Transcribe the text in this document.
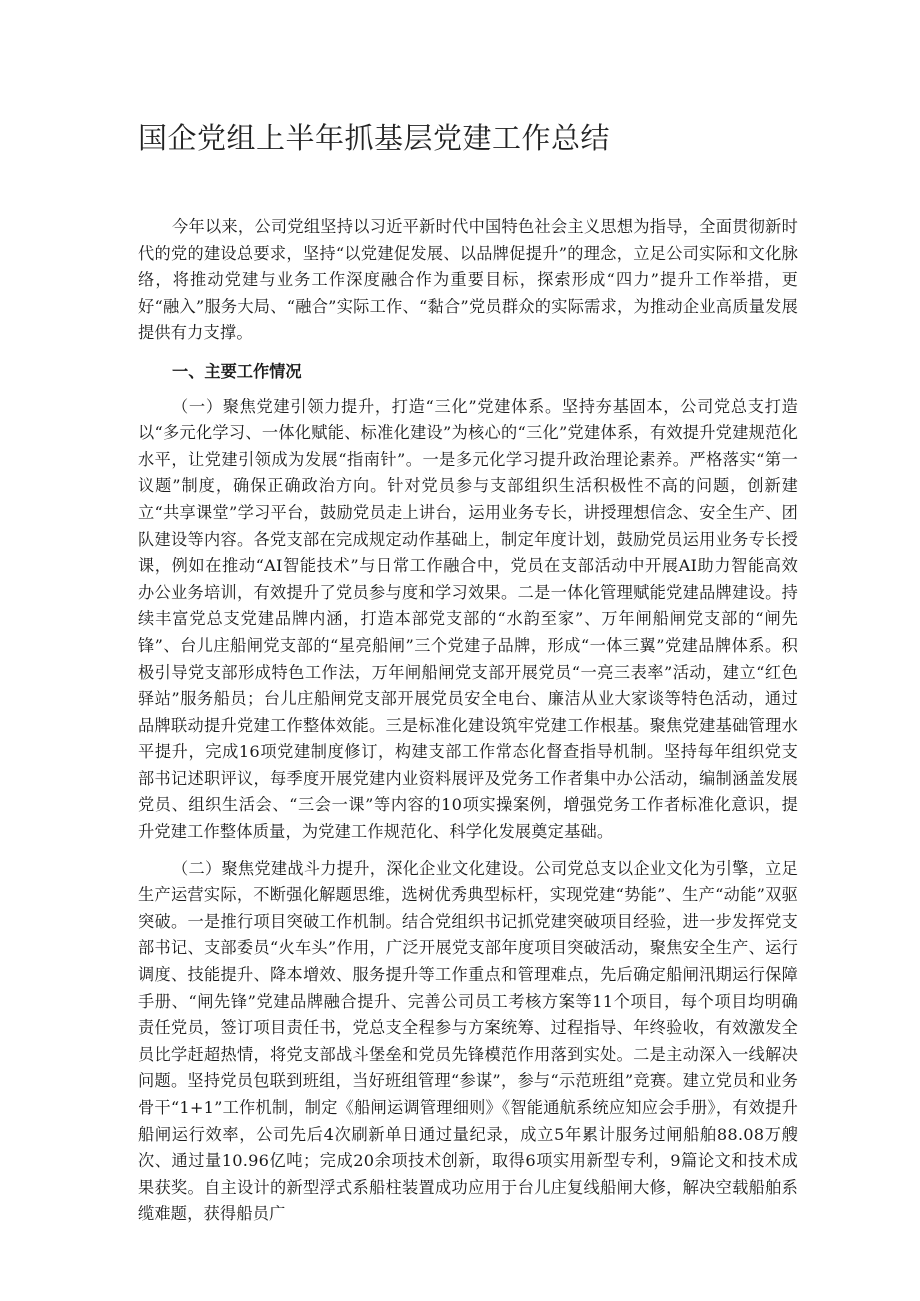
国企党组上半年抓基层党建工作总结

今年以来，公司党组坚持以习近平新时代中国特色社会主义思想为指导，全面贯彻新时代的党的建设总要求，坚持“以党建促发展、以品牌促提升”的理念，立足公司实际和文化脉络，将推动党建与业务工作深度融合作为重要目标，探索形成“四力”提升工作举措，更好“融入”服务大局、“融合”实际工作、“黏合”党员群众的实际需求，为推动企业高质量发展提供有力支撑。

一、主要工作情况

（一）聚焦党建引领力提升，打造“三化”党建体系。坚持夯基固本，公司党总支打造以“多元化学习、一体化赋能、标准化建设”为核心的“三化”党建体系，有效提升党建规范化水平，让党建引领成为发展“指南针”。一是多元化学习提升政治理论素养。严格落实“第一议题”制度，确保正确政治方向。针对党员参与支部组织生活积极性不高的问题，创新建立“共享课堂”学习平台，鼓励党员走上讲台，运用业务专长，讲授理想信念、安全生产、团队建设等内容。各党支部在完成规定动作基础上，制定年度计划，鼓励党员运用业务专长授课，例如在推动“AI智能技术”与日常工作融合中，党员在支部活动中开展AI助力智能高效办公业务培训，有效提升了党员参与度和学习效果。二是一体化管理赋能党建品牌建设。持续丰富党总支党建品牌内涵，打造本部党支部的“水韵至家”、万年闸船闸党支部的“闸先锋”、台儿庄船闸党支部的“星亮船闸”三个党建子品牌，形成“一体三翼”党建品牌体系。积极引导党支部形成特色工作法，万年闸船闸党支部开展党员“一亮三表率”活动，建立“红色驿站”服务船员；台儿庄船闸党支部开展党员安全电台、廉洁从业大家谈等特色活动，通过品牌联动提升党建工作整体效能。三是标准化建设筑牢党建工作根基。聚焦党建基础管理水平提升，完成16项党建制度修订，构建支部工作常态化督查指导机制。坚持每年组织党支部书记述职评议，每季度开展党建内业资料展评及党务工作者集中办公活动，编制涵盖发展党员、组织生活会、“三会一课”等内容的10项实操案例，增强党务工作者标准化意识，提升党建工作整体质量，为党建工作规范化、科学化发展奠定基础。

（二）聚焦党建战斗力提升，深化企业文化建设。公司党总支以企业文化为引擎，立足生产运营实际，不断强化解题思维，选树优秀典型标杆，实现党建“势能”、生产“动能”双驱突破。一是推行项目突破工作机制。结合党组织书记抓党建突破项目经验，进一步发挥党支部书记、支部委员“火车头”作用，广泛开展党支部年度项目突破活动，聚焦安全生产、运行调度、技能提升、降本增效、服务提升等工作重点和管理难点，先后确定船闸汛期运行保障手册、“闸先锋”党建品牌融合提升、完善公司员工考核方案等11个项目，每个项目均明确责任党员，签订项目责任书，党总支全程参与方案统筹、过程指导、年终验收，有效激发全员比学赶超热情，将党支部战斗堡垒和党员先锋模范作用落到实处。二是主动深入一线解决问题。坚持党员包联到班组，当好班组管理“参谋”，参与“示范班组”竞赛。建立党员和业务骨干“1+1”工作机制，制定《船闸运调管理细则》《智能通航系统应知应会手册》，有效提升船闸运行效率，公司先后4次刷新单日通过量纪录，成立5年累计服务过闸船舶88.08万艘次、通过量10.96亿吨；完成20余项技术创新，取得6项实用新型专利，9篇论文和技术成果获奖。自主设计的新型浮式系船柱装置成功应用于台儿庄复线船闸大修，解决空载船舶系缆难题，获得船员广
